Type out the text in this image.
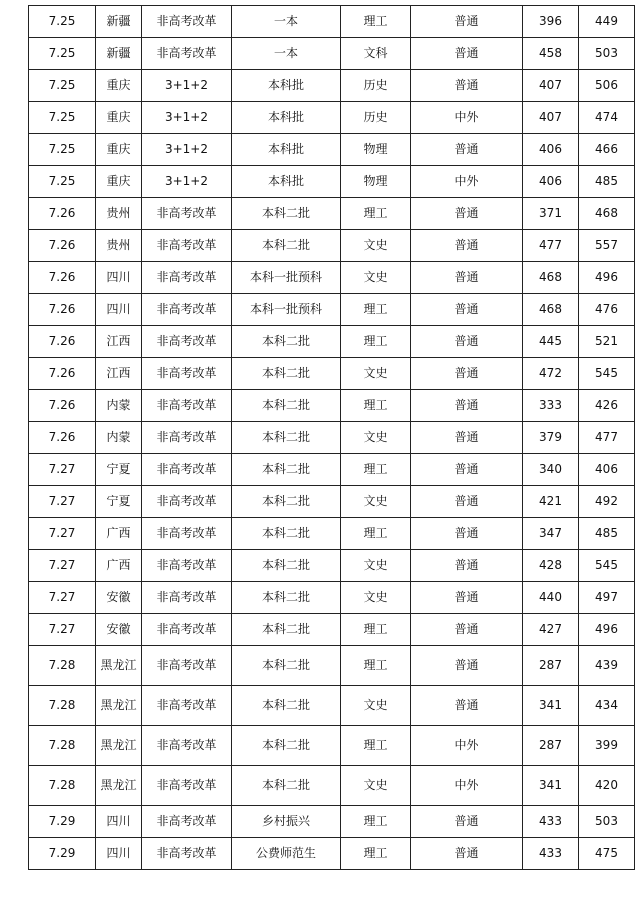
7.25	新疆	非高考改革	一本	理工	普通	396	449
7.25	新疆	非高考改革	一本	文科	普通	458	503
7.25	重庆	3+1+2	本科批	历史	普通	407	506
7.25	重庆	3+1+2	本科批	历史	中外	407	474
7.25	重庆	3+1+2	本科批	物理	普通	406	466
7.25	重庆	3+1+2	本科批	物理	中外	406	485
7.26	贵州	非高考改革	本科二批	理工	普通	371	468
7.26	贵州	非高考改革	本科二批	文史	普通	477	557
7.26	四川	非高考改革	本科一批预科	文史	普通	468	496
7.26	四川	非高考改革	本科一批预科	理工	普通	468	476
7.26	江西	非高考改革	本科二批	理工	普通	445	521
7.26	江西	非高考改革	本科二批	文史	普通	472	545
7.26	内蒙	非高考改革	本科二批	理工	普通	333	426
7.26	内蒙	非高考改革	本科二批	文史	普通	379	477
7.27	宁夏	非高考改革	本科二批	理工	普通	340	406
7.27	宁夏	非高考改革	本科二批	文史	普通	421	492
7.27	广西	非高考改革	本科二批	理工	普通	347	485
7.27	广西	非高考改革	本科二批	文史	普通	428	545
7.27	安徽	非高考改革	本科二批	文史	普通	440	497
7.27	安徽	非高考改革	本科二批	理工	普通	427	496
7.28	黑龙江	非高考改革	本科二批	理工	普通	287	439
7.28	黑龙江	非高考改革	本科二批	文史	普通	341	434
7.28	黑龙江	非高考改革	本科二批	理工	中外	287	399
7.28	黑龙江	非高考改革	本科二批	文史	中外	341	420
7.29	四川	非高考改革	乡村振兴	理工	普通	433	503
7.29	四川	非高考改革	公费师范生	理工	普通	433	475
